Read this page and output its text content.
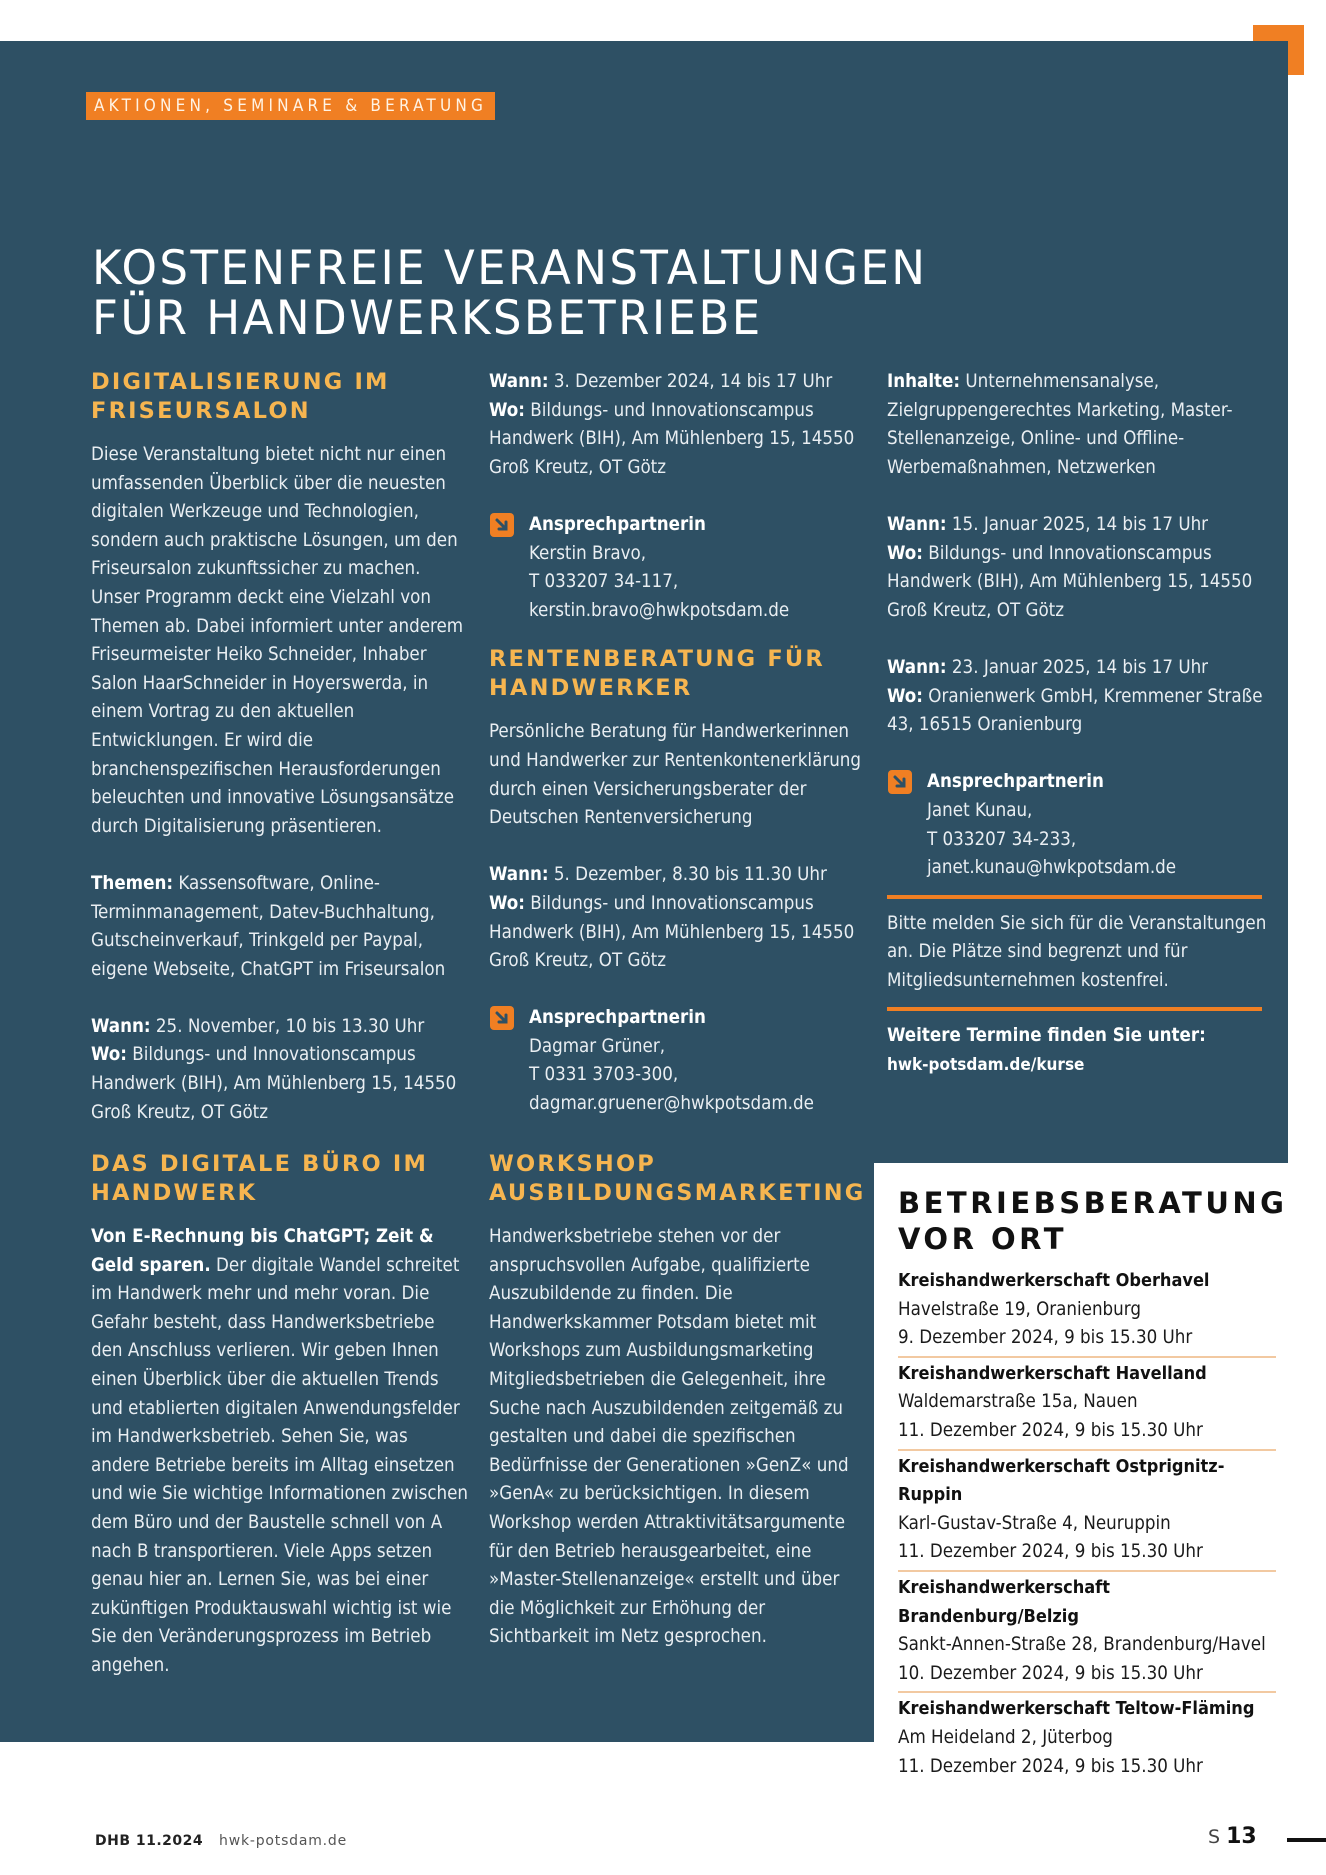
AKTIONEN, SEMINARE & BERATUNG
KOSTENFREIE VERANSTALTUNGEN
FÜR HANDWERKSBETRIEBE
DIGITALISIERUNG IM FRISEURSALON

Diese Veranstaltung bietet nicht nur einen umfassenden Überblick über die neuesten digitalen Werkzeuge und Technologien, sondern auch praktische Lösungen, um den Friseursalon zukunftssicher zu machen. Unser Programm deckt eine Vielzahl von Themen ab. Dabei informiert unter anderem Friseurmeister Heiko Schneider, Inhaber Salon HaarSchneider in Hoyerswerda, in einem Vortrag zu den aktuellen Entwicklungen. Er wird die branchenspezifischen Herausforderungen beleuchten und innovative Lösungsansätze durch Digitalisierung präsentieren.

Themen: Kassensoftware, Online-Terminmanagement, Datev-Buchhaltung, Gutscheinverkauf, Trinkgeld per Paypal, eigene Webseite, ChatGPT im Friseursalon

Wann: 25. November, 10 bis 13.30 Uhr

Wo: Bildungs- und Innovationscampus Handwerk (BIH), Am Mühlenberg 15, 14550 Groß Kreutz, OT Götz

Wann: 3. Dezember 2024, 14 bis 17 Uhr

Wo: Bildungs- und Innovationscampus Handwerk (BIH), Am Mühlenberg 15, 14550 Groß Kreutz, OT Götz

Ansprechpartnerin

Kerstin Bravo,

T 033207 34-117,

kerstin.bravo@hwkpotsdam.de

RENTENBERATUNG FÜR HANDWERKER

Persönliche Beratung für Handwerkerinnen und Handwerker zur Rentenkontenerklärung durch einen Versicherungsberater der Deutschen Rentenversicherung

Wann: 5. Dezember, 8.30 bis 11.30 Uhr

Wo: Bildungs- und Innovationscampus Handwerk (BIH), Am Mühlenberg 15, 14550 Groß Kreutz, OT Götz

Ansprechpartnerin

Dagmar Grüner,

T 0331 3703-300,

dagmar.gruener@hwkpotsdam.de

Inhalte: Unternehmensanalyse, Zielgruppengerechtes Marketing, Master-Stellenanzeige, Online- und Offline-Werbemaßnahmen, Netzwerken

Wann: 15. Januar 2025, 14 bis 17 Uhr

Wo: Bildungs- und Innovationscampus Handwerk (BIH), Am Mühlenberg 15, 14550 Groß Kreutz, OT Götz

Wann: 23. Januar 2025, 14 bis 17 Uhr

Wo: Oranienwerk GmbH, Kremmener Straße 43, 16515 Oranienburg

Ansprechpartnerin

Janet Kunau,

T 033207 34-233,

janet.kunau@hwkpotsdam.de

Bitte melden Sie sich für die Veranstaltungen an. Die Plätze sind begrenzt und für Mitgliedsunternehmen kostenfrei.

Weitere Termine finden Sie unter:

hwk-potsdam.de/kurse

DAS DIGITALE BÜRO IM HANDWERK

Von E-Rechnung bis ChatGPT; Zeit & Geld sparen. Der digitale Wandel schreitet im Handwerk mehr und mehr voran. Die Gefahr besteht, dass Handwerksbetriebe den Anschluss verlieren. Wir geben Ihnen einen Überblick über die aktuellen Trends und etablierten digitalen Anwendungsfelder im Handwerksbetrieb. Sehen Sie, was andere Betriebe bereits im Alltag einsetzen und wie Sie wichtige Informationen zwischen dem Büro und der Baustelle schnell von A nach B transportieren. Viele Apps setzen genau hier an. Lernen Sie, was bei einer zukünftigen Produktauswahl wichtig ist wie Sie den Veränderungsprozess im Betrieb angehen.

WORKSHOP AUSBILDUNGSMARKETING

Handwerksbetriebe stehen vor der anspruchsvollen Aufgabe, qualifizierte Auszubildende zu finden. Die Handwerkskammer Potsdam bietet mit Workshops zum Ausbildungsmarketing Mitgliedsbetrieben die Gelegenheit, ihre Suche nach Auszubildenden zeitgemäß zu gestalten und dabei die spezifischen Bedürfnisse der Generationen »GenZ« und »GenA« zu berücksichtigen. In diesem Workshop werden Attraktivitätsargumente für den Betrieb herausgearbeitet, eine »Master-Stellenanzeige« erstellt und über die Möglichkeit zur Erhöhung der Sichtbarkeit im Netz gesprochen.

BETRIEBSBERATUNG
VOR ORT

Kreishandwerkerschaft Oberhavel

Havelstraße 19, Oranienburg

9. Dezember 2024, 9 bis 15.30 Uhr

Kreishandwerkerschaft Havelland

Waldemarstraße 15a, Nauen

11. Dezember 2024, 9 bis 15.30 Uhr

Kreishandwerkerschaft Ostprignitz-Ruppin

Karl-Gustav-Straße 4, Neuruppin

11. Dezember 2024, 9 bis 15.30 Uhr

Kreishandwerkerschaft Brandenburg/Belzig

Sankt-Annen-Straße 28, Brandenburg/Havel

10. Dezember 2024, 9 bis 15.30 Uhr

Kreishandwerkerschaft Teltow-Fläming

Am Heideland 2, Jüterbog

11. Dezember 2024, 9 bis 15.30 Uhr

DHB 11.2024 hwk-potsdam.de	S 13
